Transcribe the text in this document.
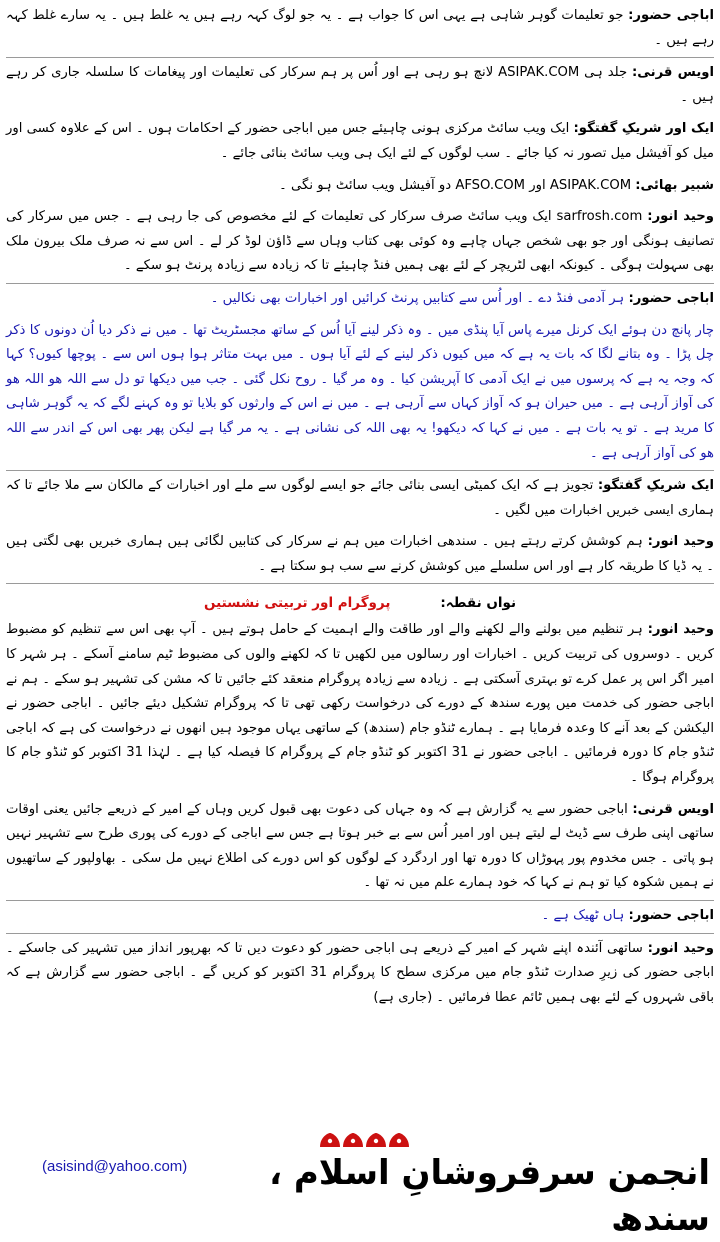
اباجی حضور: جو تعلیمات گوہر شاہی ہے یہی اس کا جواب ہے ۔ یہ جو لوگ کہہ رہے ہیں یہ غلط ہیں ۔ یہ سارے غلط کہہ رہے ہیں ۔

اویس قرنی: جلد ہی ASIPAK.COM لانچ ہو رہی ہے اور اُس پر ہم سرکار کی تعلیمات اور پیغامات کا سلسلہ جاری کر رہے ہیں ۔

ایک اور شریکِ گفتگو: ایک ویب سائٹ مرکزی ہونی چاہیئے جس میں اباجی حضور کے احکامات ہوں ۔ اس کے علاوہ کسی اور میل کو آفیشل میل تصور نہ کیا جائے ۔ سب لوگوں کے لئے ایک ہی ویب سائٹ بنائی جائے ۔

شبیر بھائی: ASIPAK.COM اور AFSO.COM دو آفیشل ویب سائٹ ہو نگی ۔

وحید انور: sarfrosh.com ایک ویب سائٹ صرف سرکار کی تعلیمات کے لئے مخصوص کی جا رہی ہے ۔ جس میں سرکار کی تصانیف ہونگی اور جو بھی شخص جہاں چاہے وہ کوئی بھی کتاب وہاں سے ڈاؤن لوڈ کر لے ۔ اس سے نہ صرف ملک بیرون ملک بھی سہولت ہوگی ۔ کیونکہ ابھی لٹریچر کے لئے بھی ہمیں فنڈ چاہیئے تا کہ زیادہ سے زیادہ پرنٹ ہو سکے ۔

اباجی حضور: ہر آدمی فنڈ دے ۔ اور اُس سے کتابیں پرنٹ کرائیں اور اخبارات بھی نکالیں ۔

چار پانچ دن ہوئے ایک کرنل میرے پاس آیا پنڈی میں ۔ وہ ذکر لینے آیا اُس کے ساتھ مجسٹریٹ تھا ۔ میں نے ذکر دیا اُن دونوں کا ذکر چل پڑا ۔ وہ بتانے لگا کہ بات یہ ہے کہ میں کیوں ذکر لینے کے لئے آیا ہوں ۔ میں بہت متاثر ہوا ہوں اس سے ۔ پوچھا کیوں؟ کہا کہ وجہ یہ ہے کہ پرسوں میں نے ایک آدمی کا آپریشن کیا ۔ وہ مر گیا ۔ روح نکل گئی ۔ جب میں دیکھا تو دل سے اللہ ھو اللہ ھو کی آواز آرہی ہے ۔ میں حیران ہو کہ آواز کہاں سے آرہی ہے ۔ میں نے اس کے وارثوں کو بلایا تو وہ کہنے لگے کہ یہ گوہر شاہی کا مرید ہے ۔ تو یہ بات ہے ۔ میں نے کہا کہ دیکھو! یہ بھی اللہ کی نشانی ہے ۔ یہ مر گیا ہے لیکن پھر بھی اس کے اندر سے اللہ ھو کی آواز آرہی ہے ۔

ایک شریکِ گفتگو: تجویز ہے کہ ایک کمیٹی ایسی بنائی جائے جو ایسے لوگوں سے ملے اور اخبارات کے مالکان سے ملا جائے تا کہ ہماری ایسی خبریں اخبارات میں لگیں ۔

وحید انور: ہم کوشش کرتے رہتے ہیں ۔ سندھی اخبارات میں ہم نے سرکار کی کتابیں لگائی ہیں ہماری خبریں بھی لگتی ہیں ۔ یہ ڈیا کا طریقہ کار ہے اور اس سلسلے میں کوشش کرنے سے سب ہو سکتا ہے ۔

نواں نقطہ:پروگرام اور تربیتی نشستیں

وحید انور: ہر تنظیم میں بولنے والے لکھنے والے اور طاقت والے اہمیت کے حامل ہوتے ہیں ۔ آپ بھی اس سے تنظیم کو مضبوط کریں ۔ دوسروں کی تربیت کریں ۔ اخبارات اور رسالوں میں لکھیں تا کہ لکھنے والوں کی مضبوط ٹیم سامنے آسکے ۔ ہر شہر کا امیر اگر اس پر عمل کرے تو بہتری آسکتی ہے ۔ زیادہ سے زیادہ پروگرام منعقد کئے جائیں تا کہ مشن کی تشہیر ہو سکے ۔ ہم نے اباجی حضور کی خدمت میں پورے سندھ کے دورے کی درخواست رکھی تھی تا کہ پروگرام تشکیل دیئے جائیں ۔ اباجی حضور نے الیکشن کے بعد آنے کا وعدہ فرمایا ہے ۔ ہمارے ٹنڈو جام (سندھ) کے ساتھی یہاں موجود ہیں انھوں نے درخواست کی ہے کہ اباجی ٹنڈو جام کا دورہ فرمائیں ۔ اباجی حضور نے 31 اکتوبر کو ٹنڈو جام کے پروگرام کا فیصلہ کیا ہے ۔ لہٰذا 31 اکتوبر کو ٹنڈو جام کا پروگرام ہوگا ۔

اویس قرنی: اباجی حضور سے یہ گزارش ہے کہ وہ جہاں کی دعوت بھی قبول کریں وہاں کے امیر کے ذریعے جائیں یعنی اوقات ساتھی اپنی طرف سے ڈیٹ لے لیتے ہیں اور امیر اُس سے بے خبر ہوتا ہے جس سے اباجی کے دورے کی پوری طرح سے تشہیر نہیں ہو پاتی ۔ جس مخدوم پور پہوڑاں کا دورہ تھا اور اردگرد کے لوگوں کو اس دورے کی اطلاع نہیں مل سکی ۔ بھاولپور کے ساتھیوں نے ہمیں شکوہ کیا تو ہم نے کہا کہ خود ہمارے علم میں نہ تھا ۔

اباجی حضور: ہاں ٹھیک ہے ۔

وحید انور: ساتھی آئندہ اپنے شہر کے امیر کے ذریعے ہی اباجی حضور کو دعوت دیں تا کہ بھرپور انداز میں تشہیر کی جاسکے ۔ اباجی حضور کی زیرِ صدارت ٹنڈو جام میں مرکزی سطح کا پروگرام 31 اکتوبر کو کریں گے ۔ اباجی حضور سے گزارش ہے کہ باقی شہروں کے لئے بھی ہمیں ٹائم عطا فرمائیں ۔ (جاری ہے)

انجمن سرفروشانِ اسلام ، سندھ
(asisind@yahoo.com)
